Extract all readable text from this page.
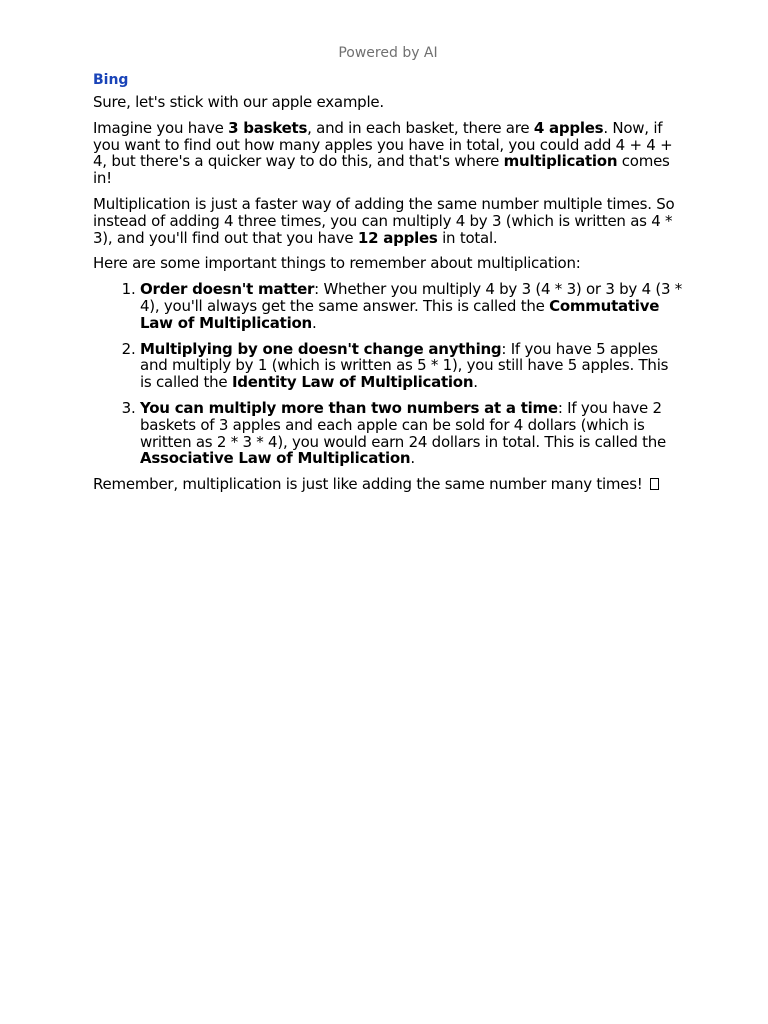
Powered by AI
Bing

Sure, let's stick with our apple example.

Imagine you have 3 baskets, and in each basket, there are 4 apples. Now, if you want to find out how many apples you have in total, you could add 4 + 4 + 4, but there's a quicker way to do this, and that's where multiplication comes in!

Multiplication is just a faster way of adding the same number multiple times. So instead of adding 4 three times, you can multiply 4 by 3 (which is written as 4 * 3), and you'll find out that you have 12 apples in total.

Here are some important things to remember about multiplication:

1. Order doesn't matter: Whether you multiply 4 by 3 (4 * 3) or 3 by 4 (3 * 4), you'll always get the same answer. This is called the Commutative Law of Multiplication.
2. Multiplying by one doesn't change anything: If you have 5 apples and multiply by 1 (which is written as 5 * 1), you still have 5 apples. This is called the Identity Law of Multiplication.
3. You can multiply more than two numbers at a time: If you have 2 baskets of 3 apples and each apple can be sold for 4 dollars (which is written as 2 * 3 * 4), you would earn 24 dollars in total. This is called the Associative Law of Multiplication.

Remember, multiplication is just like adding the same number many times!
